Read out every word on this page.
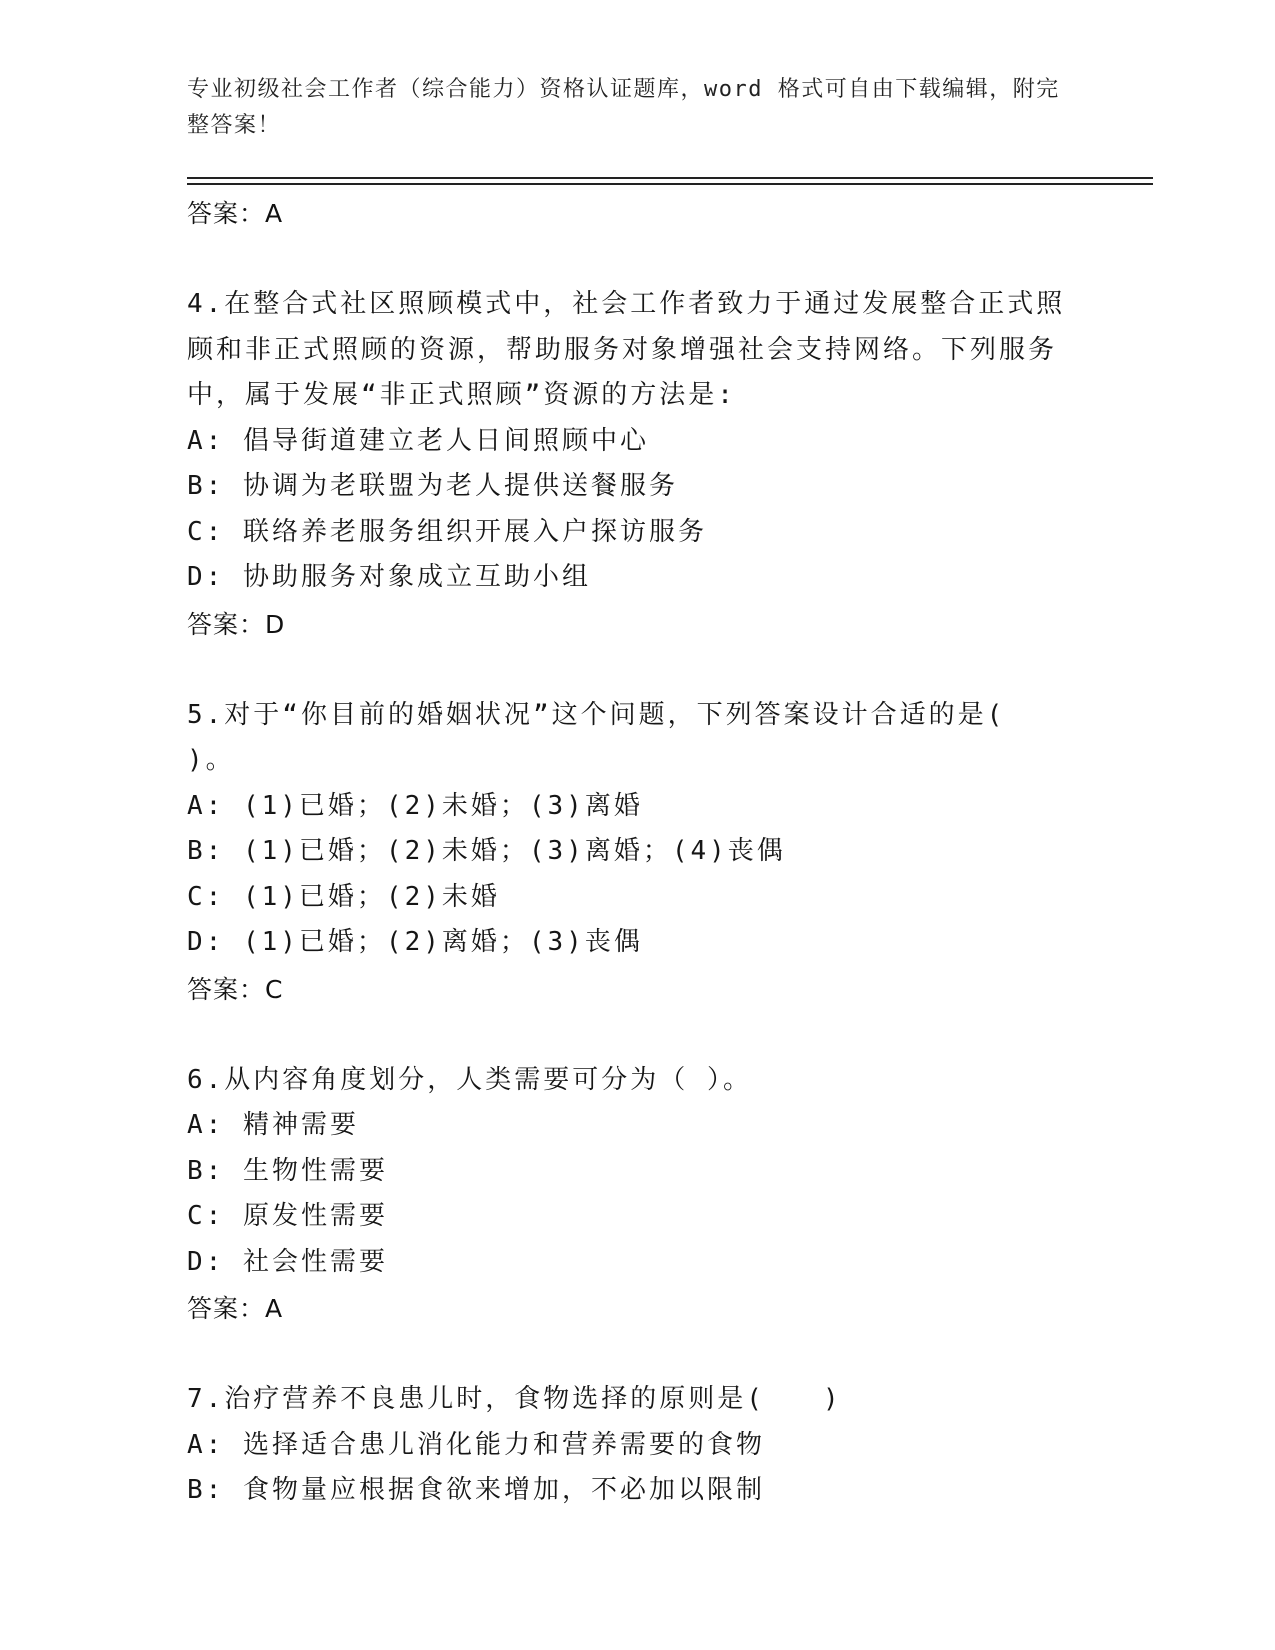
专业初级社会工作者（综合能力）资格认证题库，word 格式可自由下载编辑，附完整答案！
答案：A
4.在整合式社区照顾模式中，社会工作者致力于通过发展整合正式照顾和非正式照顾的资源，帮助服务对象增强社会支持网络。下列服务中，属于发展“非正式照顾”资源的方法是:
A: 倡导街道建立老人日间照顾中心
B: 协调为老联盟为老人提供送餐服务
C: 联络养老服务组织开展入户探访服务
D: 协助服务对象成立互助小组
答案：D
5.对于“你目前的婚姻状况”这个问题，下列答案设计合适的是( )。
A: (1)已婚；(2)未婚；(3)离婚
B: (1)已婚；(2)未婚；(3)离婚；(4)丧偶
C: (1)已婚；(2)未婚
D: (1)已婚；(2)离婚；(3)丧偶
答案：C
6.从内容角度划分，人类需要可分为（ ）。
A: 精神需要
B: 生物性需要
C: 原发性需要
D: 社会性需要
答案：A
7.治疗营养不良患儿时，食物选择的原则是(　　)
A: 选择适合患儿消化能力和营养需要的食物
B: 食物量应根据食欲来增加，不必加以限制
